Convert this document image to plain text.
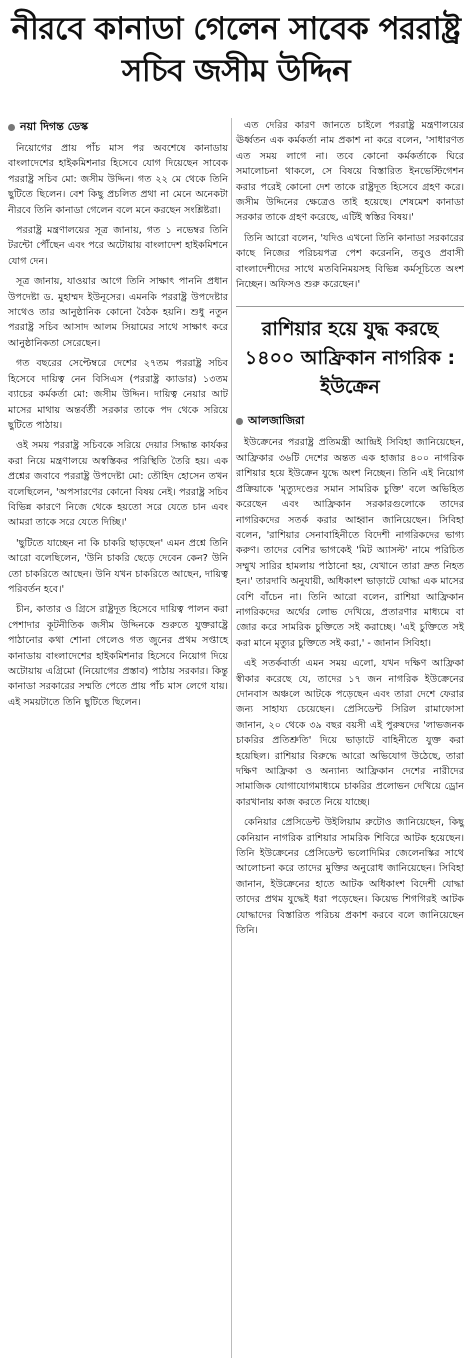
নীরবে কানাডা গেলেন সাবেক পররাষ্ট্র সচিব জসীম উদ্দিন
নয়া দিগন্ত ডেস্ক

নিয়োগের প্রায় পাঁচ মাস পর অবশেষে কানাডায় বাংলাদেশের হাইকমিশনার হিসেবে যোগ দিয়েছেন সাবেক পররাষ্ট্র সচিব মো: জসীম উদ্দিন। গত ২২ মে থেকে তিনি ছুটিতে ছিলেন। বেশ কিছু প্রচলিত প্রথা না মেনে অনেকটা নীরবে তিনি কানাডা গেলেন বলে মনে করছেন সংশ্লিষ্টরা।

পররাষ্ট্র মন্ত্রণালয়ের সূত্র জানায়, গত ১ নভেম্বর তিনি টরন্টো পৌঁছেন এবং পরে অটোয়ায় বাংলাদেশ হাইকমিশনে যোগ দেন।

সূত্র জানায়, যাওয়ার আগে তিনি সাক্ষাৎ পাননি প্রধান উপদেষ্টা ড. মুহাম্মদ ইউনূসের। এমনকি পররাষ্ট্র উপদেষ্টার সাথেও তার আনুষ্ঠানিক কোনো বৈঠক হয়নি। শুধু নতুন পররাষ্ট্র সচিব আসাদ আলম সিয়ামের সাথে সাক্ষাৎ করে আনুষ্ঠানিকতা সেরেছেন।

গত বছরের সেপ্টেম্বরে দেশের ২৭তম পররাষ্ট্র সচিব হিসেবে দায়িত্ব নেন বিসিএস (পররাষ্ট্র ক্যাডার) ১৩তম ব্যাচের কর্মকর্তা মো: জসীম উদ্দিন। দায়িত্ব নেয়ার আট মাসের মাথায় অন্তর্বর্তী সরকার তাকে পদ থেকে সরিয়ে ছুটিতে পাঠায়।

ওই সময় পররাষ্ট্র সচিবকে সরিয়ে দেয়ার সিদ্ধান্ত কার্যকর করা নিয়ে মন্ত্রণালয়ে অস্বস্তিকর পরিস্থিতি তৈরি হয়। এক প্রশ্নের জবাবে পররাষ্ট্র উপদেষ্টা মো: তৌহিদ হোসেন তখন বলেছিলেন, 'অপসারণের কোনো বিষয় নেই। পররাষ্ট্র সচিব বিভিন্ন কারণে নিজে থেকে হয়তো সরে যেতে চান এবং আমরা তাকে সরে যেতে দিচ্ছি।'

'ছুটিতে যাচ্ছেন না কি চাকরি ছাড়ছেন' এমন প্রশ্নে তিনি আরো বলেছিলেন, 'উনি চাকরি ছেড়ে দেবেন কেন? উনি তো চাকরিতে আছেন। উনি যখন চাকরিতে আছেন, দায়িত্ব পরিবর্তন হবে।'

চীন, কাতার ও গ্রিসে রাষ্ট্রদূত হিসেবে দায়িত্ব পালন করা পেশাদার কূটনীতিক জসীম উদ্দিনকে শুরুতে যুক্তরাষ্ট্রে পাঠানোর কথা শোনা গেলেও গত জুনের প্রথম সপ্তাহে কানাডায় বাংলাদেশের হাইকমিশনার হিসেবে নিয়োগ দিয়ে অটোয়ায় এগ্রিমো (নিয়োগের প্রস্তাব) পাঠায় সরকার। কিন্তু কানাডা সরকারের সম্মতি পেতে প্রায় পাঁচ মাস লেগে যায়। এই সময়টাতে তিনি ছুটিতে ছিলেন।

এত দেরির কারণ জানতে চাইলে পররাষ্ট্র মন্ত্রণালয়ের ঊর্ধ্বতন এক কর্মকর্তা নাম প্রকাশ না করে বলেন, 'সাধারণত এত সময় লাগে না। তবে কোনো কর্মকর্তাকে ঘিরে সমালোচনা থাকলে, সে বিষয়ে বিস্তারিত ইনভেস্টিগেশন করার পরেই কোনো দেশ তাকে রাষ্ট্রদূত হিসেবে গ্রহণ করে। জসীম উদ্দিনের ক্ষেত্রেও তাই হয়েছে। শেষমেশ কানাডা সরকার তাকে গ্রহণ করেছে, এটিই স্বস্তির বিষয়।'

তিনি আরো বলেন, 'যদিও এখনো তিনি কানাডা সরকারের কাছে নিজের পরিচয়পত্র পেশ করেননি, তবুও প্রবাসী বাংলাদেশীদের সাথে মতবিনিময়সহ বিভিন্ন কর্মসূচিতে অংশ নিচ্ছেন। অফিসও শুরু করেছেন।'

রাশিয়ার হয়ে যুদ্ধ করছে ১৪০০ আফ্রিকান নাগরিক : ইউক্রেন
আলজাজিরা

ইউক্রেনের পররাষ্ট্র প্রতিমন্ত্রী আন্দ্রিই সিবিহা জানিয়েছেন, আফ্রিকার ৩৬টি দেশের অন্তত এক হাজার ৪০০ নাগরিক রাশিয়ার হয়ে ইউক্রেন যুদ্ধে অংশ নিচ্ছেন। তিনি এই নিয়োগ প্রক্রিয়াকে 'মৃত্যুদণ্ডের সমান সামরিক চুক্তি' বলে অভিহিত করেছেন এবং আফ্রিকান সরকারগুলোকে তাদের নাগরিকদের সতর্ক করার আহ্বান জানিয়েছেন। সিবিহা বলেন, 'রাশিয়ার সেনাবাহিনীতে বিদেশী নাগরিকদের ভাগ্য করুণ। তাদের বেশির ভাগকেই 'মিট অ্যাসল্ট' নামে পরিচিত সম্মুখ সারির হামলায় পাঠানো হয়, যেখানে তারা দ্রুত নিহত হন।' তারদাবি অনুযায়ী, অধিকাংশ ভাড়াটে যোদ্ধা এক মাসের বেশি বাঁচেন না। তিনি আরো বলেন, রাশিয়া আফ্রিকান নাগরিকদের অর্থের লোভ দেখিয়ে, প্রতারণার মাধ্যমে বা জোর করে সামরিক চুক্তিতে সই করাচ্ছে। 'এই চুক্তিতে সই করা মানে মৃত্যুর চুক্তিতে সই করা,' - জানান সিবিহা।

এই সতর্কবার্তা এমন সময় এলো, যখন দক্ষিণ আফ্রিকা স্বীকার করেছে যে, তাদের ১৭ জন নাগরিক ইউক্রেনের দোনবাস অঞ্চলে আটকে পড়েছেন এবং তারা দেশে ফেরার জন্য সাহায্য চেয়েছেন। প্রেসিডেন্ট সিরিল রামাফোসা জানান, ২০ থেকে ৩৯ বছর বয়সী এই পুরুষদের 'লাভজনক চাকরির প্রতিশ্রুতি' দিয়ে ভাড়াটে বাহিনীতে যুক্ত করা হয়েছিল। রাশিয়ার বিরুদ্ধে আরো অভিযোগ উঠেছে, তারা দক্ষিণ আফ্রিকা ও অন্যান্য আফ্রিকান দেশের নারীদের সামাজিক যোগাযোগমাধ্যমে চাকরির প্রলোভন দেখিয়ে ড্রোন কারখানায় কাজ করতে নিয়ে যাচ্ছে।

কেনিয়ার প্রেসিডেন্ট উইলিয়াম রুটোও জানিয়েছেন, কিছু কেনিয়ান নাগরিক রাশিয়ার সামরিক শিবিরে আটক হয়েছেন। তিনি ইউক্রেনের প্রেসিডেন্ট ভলোদিমির জেলেনস্কির সাথে আলোচনা করে তাদের মুক্তির অনুরোধ জানিয়েছেন। সিবিহা জানান, ইউক্রেনের হাতে আটক অধিকাংশ বিদেশী যোদ্ধা তাদের প্রথম যুদ্ধেই ধরা পড়েছেন। কিয়েভ শিগগিরই আটক যোদ্ধাদের বিস্তারিত পরিচয় প্রকাশ করবে বলে জানিয়েছেন তিনি।
